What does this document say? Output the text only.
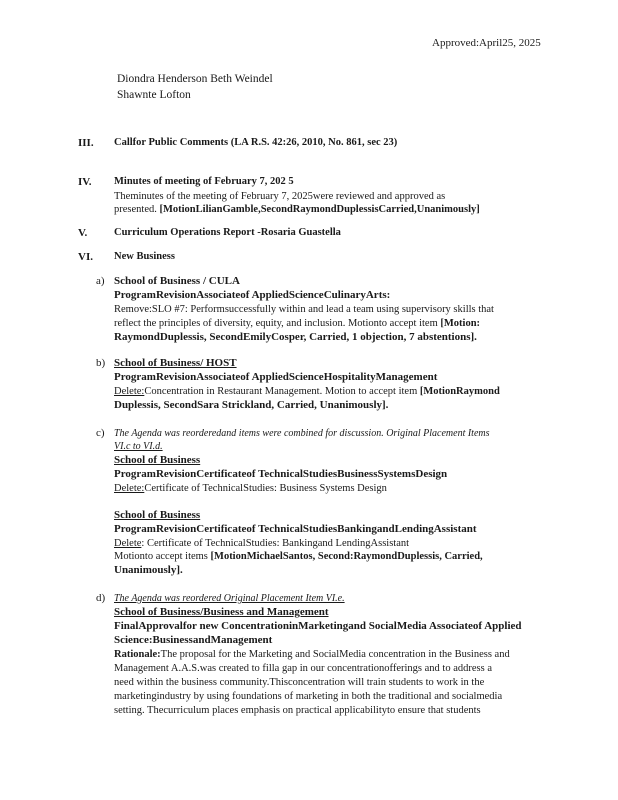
Approved:April25, 2025
Diondra Henderson Beth Weindel
Shawnte Lofton
III. Callfor Public Comments (LA R.S. 42:26, 2010, No. 861, sec 23)
IV. Minutes of meeting of February 7, 202 5
Theminutes of the meeting of February 7, 2025were reviewed and approved as
presented. [MotionLilianGamble,SecondRaymondDuplessisCarried,Unanimously]
V.	Curriculum Operations Report -Rosaria Guastella
VI. New Business
a) School of Business / CULA
ProgramRevisionAssociateof AppliedScienceCulinaryArts:
Remove:SLO #7: Performsuccessfully within and lead a team using supervisory skills that
reflect the principles of diversity, equity, and inclusion. Motionto accept item [Motion:
RaymondDuplessis, SecondEmilyCosper, Carried, 1 objection, 7 abstentions].
b) School of Business/ HOST
ProgramRevisionAssociateof AppliedScienceHospitalityManagement
Delete:Concentration in Restaurant Management. Motion to accept item [MotionRaymond
Duplessis, SecondSara Strickland, Carried, Unanimously].
c) The Agenda was reorderedand items were combined for discussion. Original Placement Items
VI.c to VI.d.
School of Business
ProgramRevisionCertificateof TechnicalStudiesBusinessSystemsDesign
Delete:Certificate of TechnicalStudies: Business Systems Design
School of Business
ProgramRevisionCertificateof TechnicalStudiesBankingandLendingAssistant
Delete: Certificate of TechnicalStudies: Bankingand LendingAssistant
Motionto accept items [MotionMichaelSantos, Second:RaymondDuplessis, Carried,
Unanimously].
d) The Agenda was reordered Original Placement Item VI.e.
School of Business/Business and Management
FinalApprovalfor new ConcentrationinMarketingand SocialMedia Associateof Applied
Science:BusinessandManagement
Rationale:The proposal for the Marketing and SocialMedia concentration in the Business and
Management A.A.S.was created to filla gap in our concentrationofferings and to address a
need within the business community.Thisconcentration will train students to work in the
marketingindustry by using foundations of marketing in both the traditional and socialmedia
setting. Thecurriculum places emphasis on practical applicabilityto ensure that students
